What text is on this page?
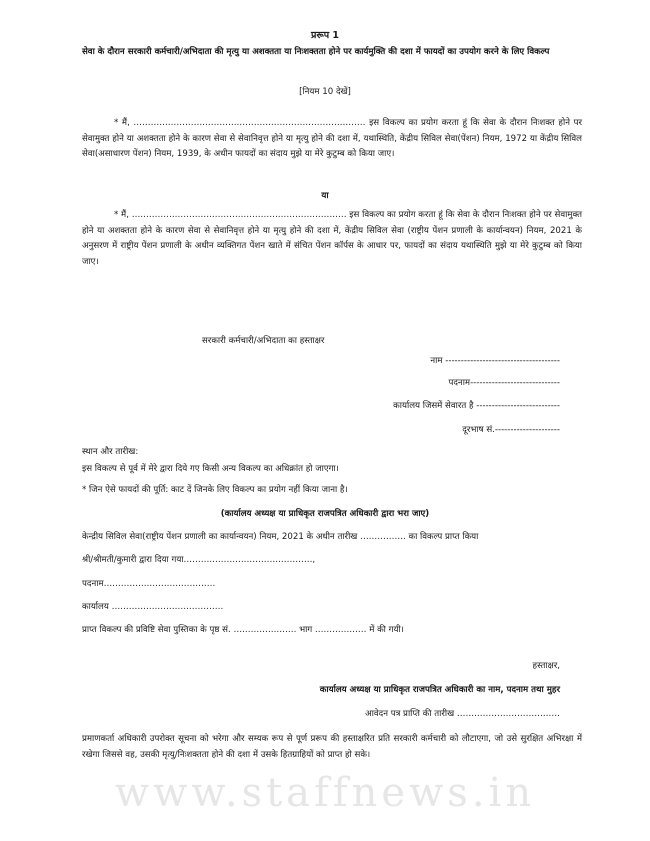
प्ररूप 1
सेवा के दौरान सरकारी कर्मचारी/अभिदाता की मृत्यु या अशक्तता या निःशक्तता होने पर कार्यमुक्ति की दशा में फायदों का उपयोग करने के लिए विकल्प
[नियम 10 देखें]
* मैं, ……………………………………………………………………… इस विकल्प का प्रयोग करता हूं कि सेवा के दौरान निःशक्त होने पर सेवामुक्त होने या अशक्तता होने के कारण सेवा से सेवानिवृत्त होने या मृत्यु होने की दशा में, यथास्थिति, केंद्रीय सिविल सेवा(पेंशन) नियम, 1972 या केंद्रीय सिविल सेवा(असाधारण पेंशन) नियम, 1939, के अधीन फायदों का संदाय मुझे या मेरे कुटुम्ब को किया जाए।
या
* मैं, ………………………………………………………………… इस विकल्प का प्रयोग करता हूं कि सेवा के दौरान निःशक्त होने पर सेवामुक्त होने या अशक्तता होने के कारण सेवा से सेवानिवृत्त होने या मृत्यु होने की दशा में, केंद्रीय सिविल सेवा (राष्ट्रीय पेंशन प्रणाली के कार्यान्वयन) नियम, 2021 के अनुसरण में राष्ट्रीय पेंशन प्रणाली के अधीन व्यक्तिगत पेंशन खाते में संचित पेंशन कॉर्पस के आधार पर, फायदों का संदाय यथास्थिति मुझे या मेरे कुटुम्ब को किया जाए।
सरकारी कर्मचारी/अभिदाता का हस्ताक्षर
नाम -------------------------------------
पदनाम-----------------------------
कार्यालय जिसमें सेवारत है ---------------------------
दूरभाष सं.---------------------
स्थान और तारीख:
इस विकल्प से पूर्व में मेरे द्वारा दिये गए किसी अन्य विकल्प का अधिक्रांत हो जाएगा।
* जिन ऐसे फायदों की पूर्ति: काट दें जिनके लिए विकल्प का प्रयोग नहीं किया जाना है।
(कार्यालय अध्यक्ष या प्राधिकृत राजपत्रित अधिकारी द्वारा भरा जाए)
केन्द्रीय सिविल सेवा(राष्ट्रीय पेंशन प्रणाली का कार्यान्वयन) नियम, 2021 के अधीन तारीख ……………. का विकल्प प्राप्त किया
श्री/श्रीमती/कुमारी द्वारा दिया गया………………………………………,
पदनाम…………………………………
कार्यालय …………………………………
प्राप्त विकल्प की प्रविष्टि सेवा पुस्तिका के पृष्ठ सं. …………………. भाग ……………… में की गयी।
हस्ताक्षर,
कार्यालय अध्यक्ष या प्राधिकृत राजपत्रित अधिकारी का नाम, पदनाम तथा मुहर
आवेदन पत्र प्राप्ति की तारीख ………………………………
प्रमाणकर्ता अधिकारी उपरोक्त सूचना को भरेगा और सम्यक रूप से पूर्ण प्ररूप की हस्ताक्षरित प्रति सरकारी कर्मचारी को लौटाएगा, जो उसे सुरक्षित अभिरक्षा में रखेगा जिससे वह, उसकी मृत्यु/निःशक्तता होने की दशा में उसके हितग्राहियों को प्राप्त हो सके।
www.staffnews.in
